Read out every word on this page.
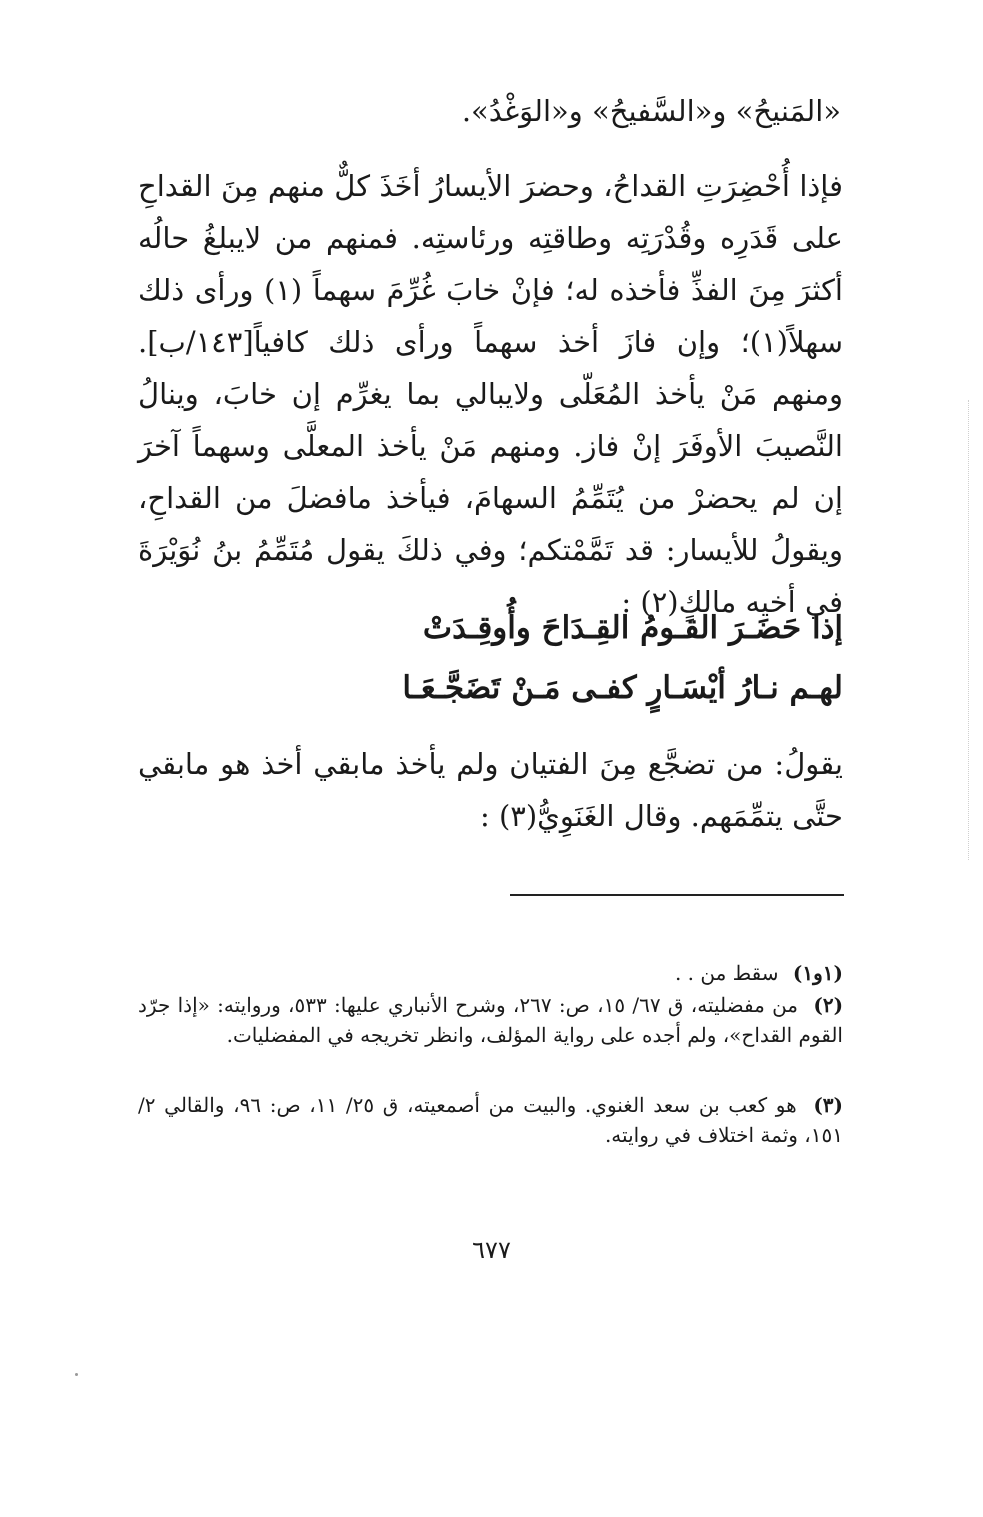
«المَنيحُ» و«السَّفيحُ» و«الوَغْدُ».
فإذا أُحْضِرَتِ القداحُ، وحضرَ الأيسارُ أخَذَ كلٌّ منهم مِنَ القداحِ على قَدَرِه وقُدْرَتِه وطاقتِه ورئاستِه. فمنهم من لايبلغُ حالُه أكثرَ مِنَ الفذِّ فأخذه له؛ فإنْ خابَ غُرِّمَ سهماً (١) ورأى ذلك سهلاً(١)؛ وإن فازَ أخذ سهماً ورأى ذلك كافياً[١٤٣/ب]. ومنهم مَنْ يأخذ المُعَلّى ولايبالي بما يغرِّم إن خابَ، وينالُ النَّصيبَ الأوفَرَ إنْ فاز. ومنهم مَنْ يأخذ المعلَّى وسهماً آخرَ إن لم يحضرْ من يُتَمِّمُ السهامَ، فيأخذ مافضلَ من القداحِ، ويقولُ للأيسار: قد تَمَّمْتكم؛ وفي ذلكَ يقول مُتَمِّمُ بنُ نُوَيْرَةَ في أخيه مالكٍ(٢) :
إذا حَضَـرَ القـومُ القِـدَاحَ وأُوقِـدَتْ
لهـم نـارُ أيْسَـارٍ كفـى مَـنْ تَضَجَّـعَـا
يقولُ: من تضجَّع مِنَ الفتيان ولم يأخذ مابقي أخذ هو مابقي حتَّى يتمِّمَهم. وقال الغَنَوِيُّ(٣) :
(١و١) سقط من . .
(٢) من مفضليته، ق ٦٧/ ١٥، ص: ٢٦٧، وشرح الأنباري عليها: ٥٣٣، وروايته: «إذا جرّد القوم القداح»، ولم أجده على رواية المؤلف، وانظر تخريجه في المفضليات.
(٣) هو كعب بن سعد الغنوي. والبيت من أصمعيته، ق ٢٥/ ١١، ص: ٩٦، والقالي ٢/ ١٥١، وثمة اختلاف في روايته.
٦٧٧
